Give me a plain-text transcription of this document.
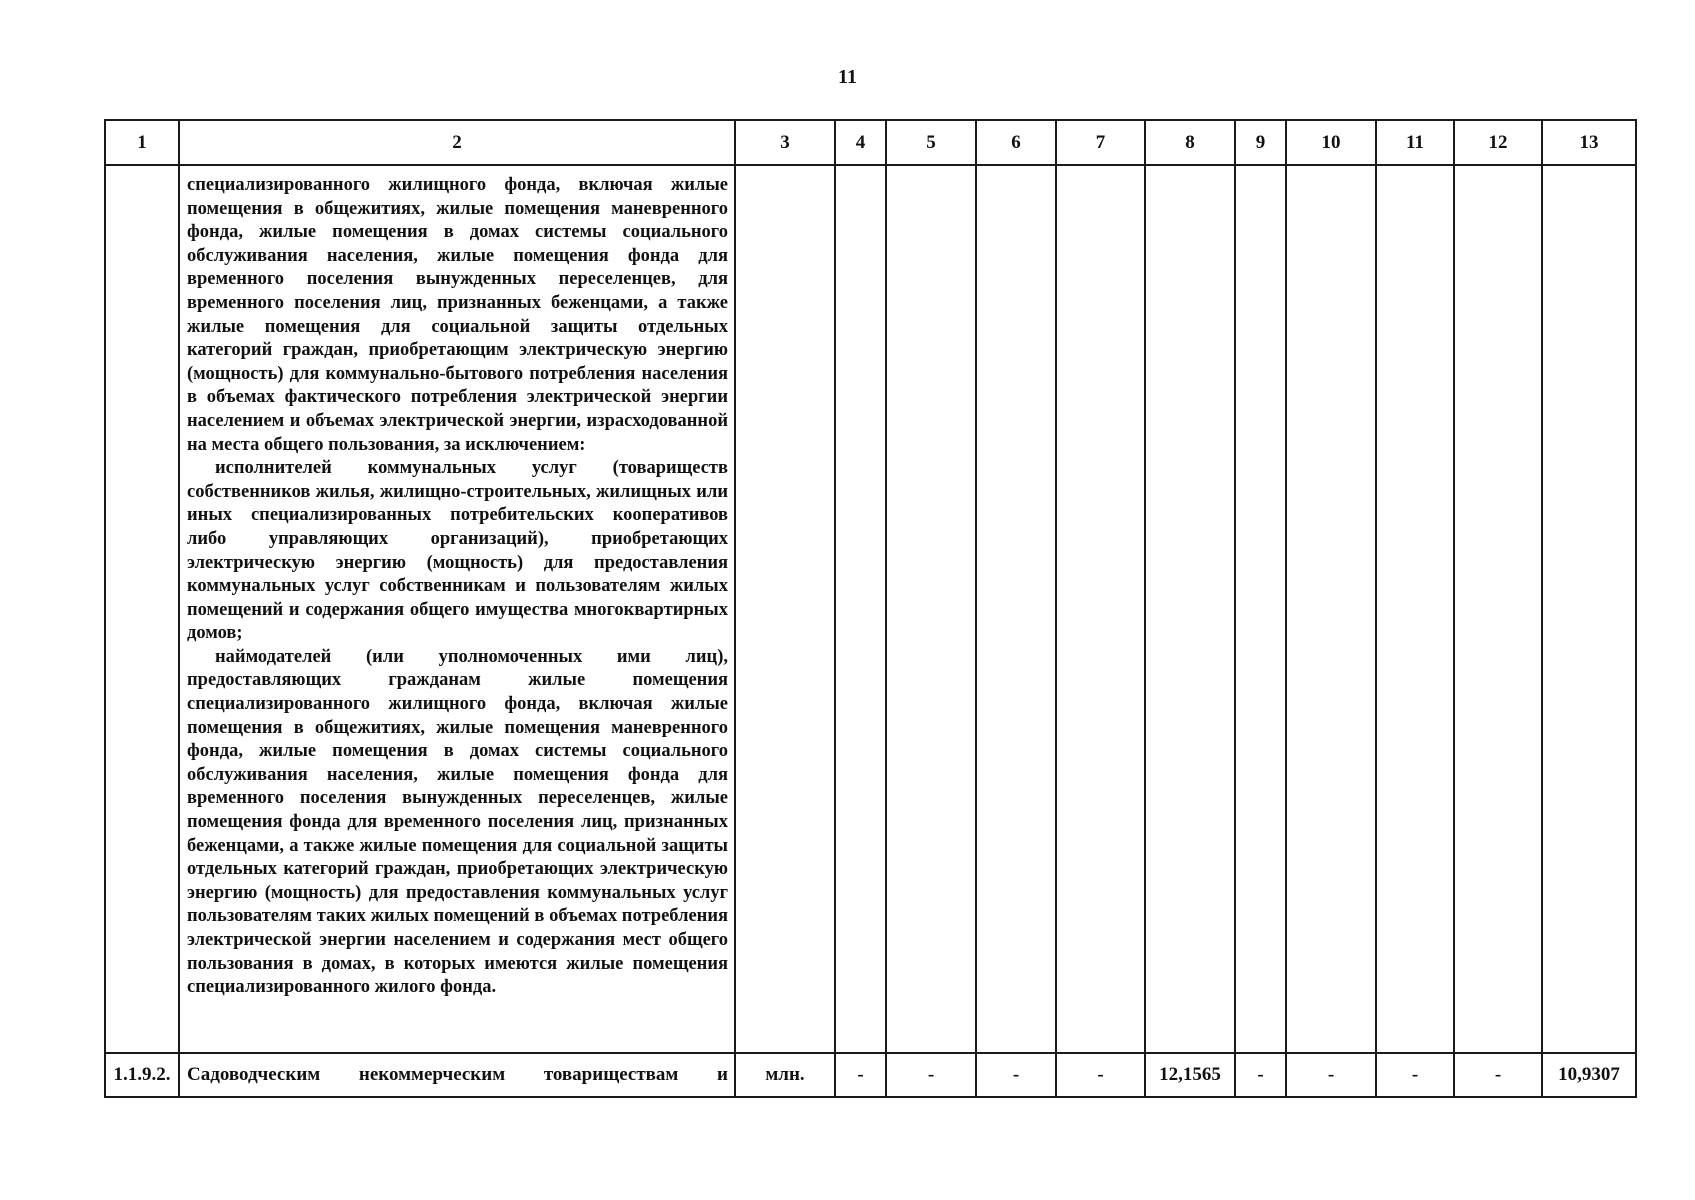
11
1	2	3	4	5	6	7	8	9	10	11	12	13

	специализированного жилищного фонда, включая жилые помещения в общежитиях, жилые помещения маневренного фонда, жилые помещения в домах системы социального обслуживания населения, жилые помещения фонда для временного поселения вынужденных переселенцев, для временного поселения лиц, признанных беженцами, а также жилые помещения для социальной защиты отдельных категорий граждан, приобретающим электрическую энергию (мощность) для коммунально-бытового потребления населения в объемах фактического потребления электрической энергии населением и объемах электрической энергии, израсходованной на места общего пользования, за исключением:

исполнителей коммунальных услуг (товариществ собственников жилья, жилищно-строительных, жилищных или иных специализированных потребительских кооперативов либо управляющих организаций), приобретающих электрическую энергию (мощность) для предоставления коммунальных услуг собственникам и пользователям жилых помещений и содержания общего имущества многоквартирных домов;

наймодателей (или уполномоченных ими лиц), предоставляющих гражданам жилые помещения специализированного жилищного фонда, включая жилые помещения в общежитиях, жилые помещения маневренного фонда, жилые помещения в домах системы социального обслуживания населения, жилые помещения фонда для временного поселения вынужденных переселенцев, жилые помещения фонда для временного поселения лиц, признанных беженцами, а также жилые помещения для социальной защиты отдельных категорий граждан, приобретающих электрическую энергию (мощность) для предоставления коммунальных услуг пользователям таких жилых помещений в объемах потребления электрической энергии населением и содержания мест общего пользования в домах, в которых имеются жилые помещения специализированного жилого фонда.											

1.1.9.2.	Садоводческим некоммерческим товариществам и	млн.	-	-	-	-	12,1565	-	-	-	-	10,9307
